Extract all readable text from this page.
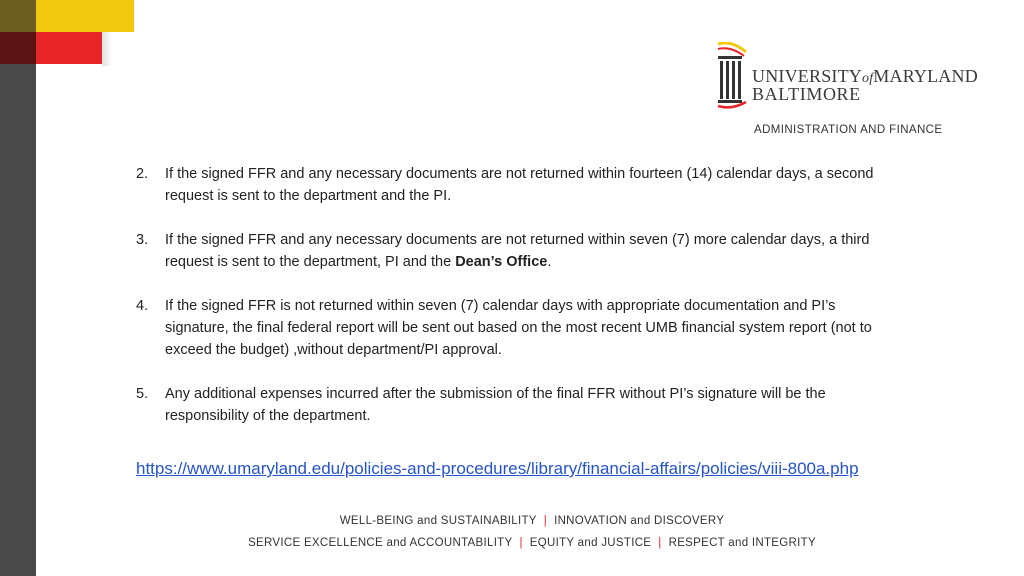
UNIVERSITYofMARYLAND
BALTIMORE
ADMINISTRATION AND FINANCE
2. If the signed FFR and any necessary documents are not returned within fourteen (14) calendar days, a second request is sent to the department and the PI.
3. If the signed FFR and any necessary documents are not returned within seven (7) more calendar days, a third request is sent to the department, PI and the Dean’s Office.
4. If the signed FFR is not returned within seven (7) calendar days with appropriate documentation and PI’s signature, the final federal report will be sent out based on the most recent UMB financial system report (not to exceed the budget) ,without department/PI approval.
5. Any additional expenses incurred after the submission of the final FFR without PI’s signature will be the responsibility of the department.
https://www.umaryland.edu/policies-and-procedures/library/financial-affairs/policies/viii-800a.php
WELL-BEING and SUSTAINABILITY | INNOVATION and DISCOVERY
SERVICE EXCELLENCE and ACCOUNTABILITY | EQUITY and JUSTICE | RESPECT and INTEGRITY
